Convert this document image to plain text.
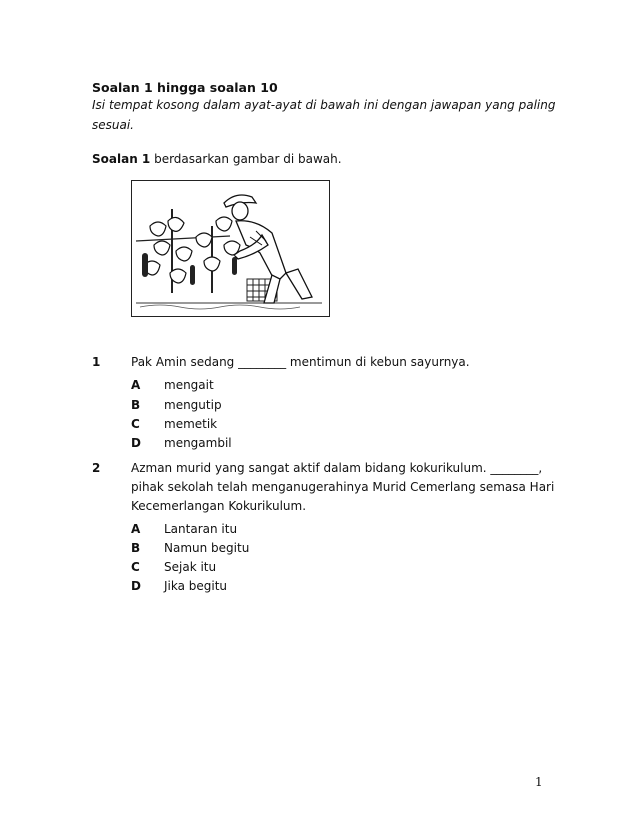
Soalan 1 hingga soalan 10
Isi tempat kosong dalam ayat-ayat di bawah ini dengan jawapan yang paling
sesuai.
Soalan 1 berdasarkan gambar di bawah.
1	Pak Amin sedang ________ mentimun di kebun sayurnya.
A mengait
B mengutip
C memetik
D mengambil
2	Azman murid yang sangat aktif dalam bidang kokurikulum. ________,
pihak sekolah telah menganugerahinya Murid Cemerlang semasa Hari
Kecemerlangan Kokurikulum.
A Lantaran itu
B Namun begitu
C Sejak itu
D Jika begitu
1
